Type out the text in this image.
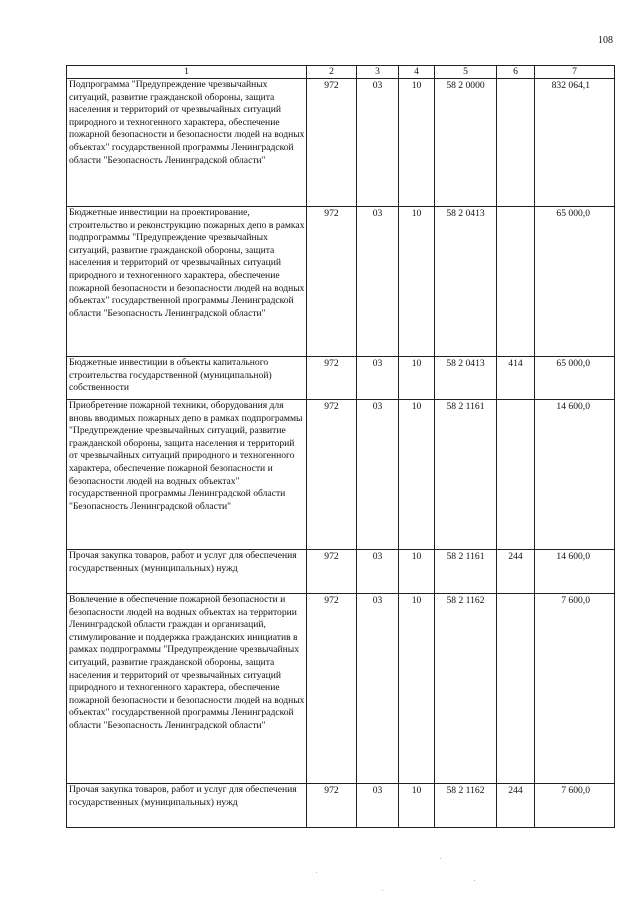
108
1	2	3	4	5	6	7
Подпрограмма "Предупреждение чрезвычайных ситуаций, развитие гражданской обороны, защита населения и территорий от чрезвычайных ситуаций природного и техногенного характера, обеспечение пожарной безопасности и безопасности людей на водных объектах" государственной программы Ленинградской области "Безопасность Ленинградской области"	972	03	10	58 2 0000		832 064,1
Бюджетные инвестиции на проектирование, строительство и реконструкцию пожарных депо в рамках подпрограммы "Предупреждение чрезвычайных ситуаций, развитие гражданской обороны, защита населения и территорий от чрезвычайных ситуаций природного и техногенного характера, обеспечение пожарной безопасности и безопасности людей на водных объектах" государственной программы Ленинградской области "Безопасность Ленинградской области"	972	03	10	58 2 0413		65 000,0
Бюджетные инвестиции в объекты капитального строительства государственной (муниципальной) собственности	972	03	10	58 2 0413	414	65 000,0
Приобретение пожарной техники, оборудования для вновь вводимых пожарных депо в рамках подпрограммы "Предупреждение чрезвычайных ситуаций, развитие гражданской обороны, защита населения и территорий от чрезвычайных ситуаций природного и техногенного характера, обеспечение пожарной безопасности и безопасности людей на водных объектах" государственной программы Ленинградской области "Безопасность Ленинградской области"	972	03	10	58 2 1161		14 600,0
Прочая закупка товаров, работ и услуг для обеспечения государственных (муниципальных) нужд	972	03	10	58 2 1161	244	14 600,0
Вовлечение в обеспечение пожарной безопасности и безопасности людей на водных объектах на территории Ленинградской области граждан и организаций, стимулирование и поддержка гражданских инициатив в рамках подпрограммы "Предупреждение чрезвычайных ситуаций, развитие гражданской обороны, защита населения и территорий от чрезвычайных ситуаций природного и техногенного характера, обеспечение пожарной безопасности и безопасности людей на водных объектах" государственной программы Ленинградской области "Безопасность Ленинградской области"	972	03	10	58 2 1162		7 600,0
Прочая закупка товаров, работ и услуг для обеспечения государственных (муниципальных) нужд	972	03	10	58 2 1162	244	7 600,0
